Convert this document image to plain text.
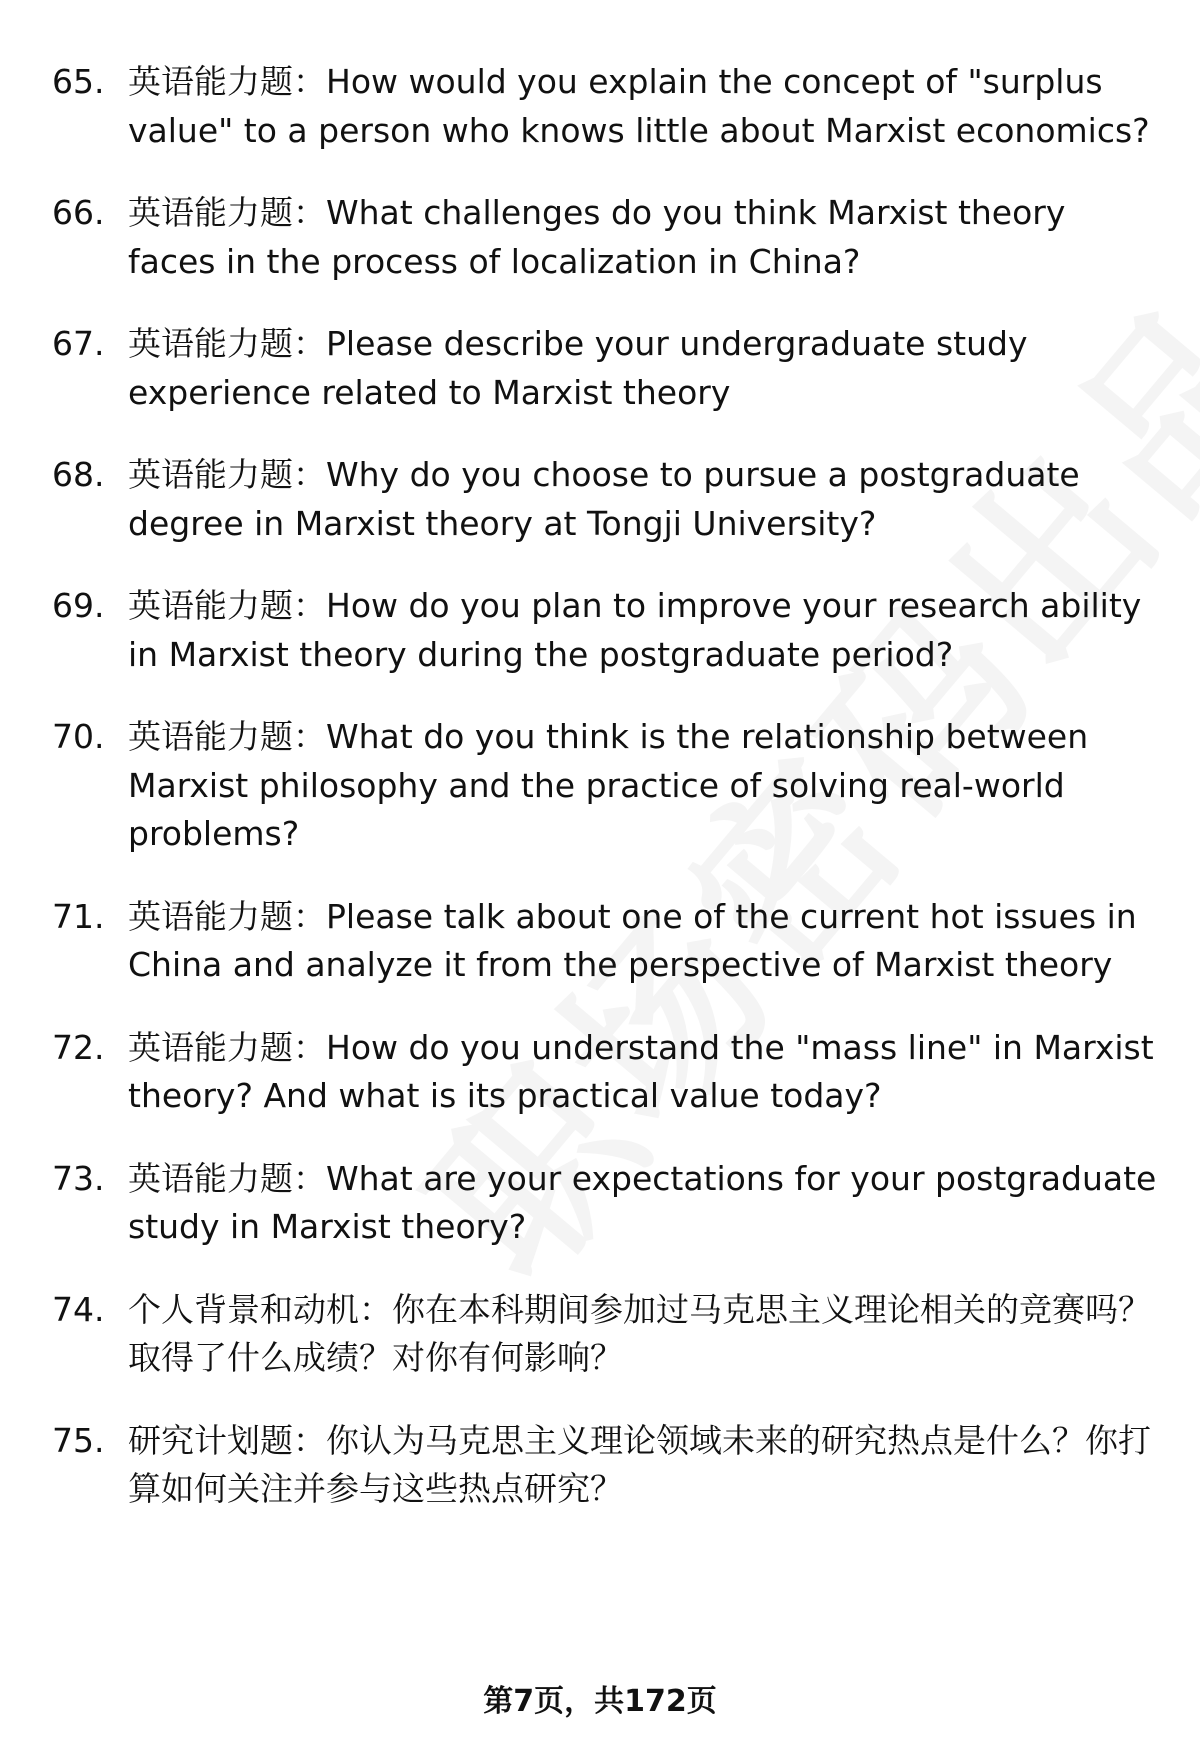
65. 英语能力题：How would you explain the concept of "surplus value" to a person who knows little about Marxist economics?
66. 英语能力题：What challenges do you think Marxist theory faces in the process of localization in China?
67. 英语能力题：Please describe your undergraduate study experience related to Marxist theory
68. 英语能力题：Why do you choose to pursue a postgraduate degree in Marxist theory at Tongji University?
69. 英语能力题：How do you plan to improve your research ability in Marxist theory during the postgraduate period?
70. 英语能力题：What do you think is the relationship between Marxist philosophy and the practice of solving real-world problems?
71. 英语能力题：Please talk about one of the current hot issues in China and analyze it from the perspective of Marxist theory
72. 英语能力题：How do you understand the "mass line" in Marxist theory? And what is its practical value today?
73. 英语能力题：What are your expectations for your postgraduate study in Marxist theory?
74. 个人背景和动机：你在本科期间参加过马克思主义理论相关的竞赛吗？取得了什么成绩？对你有何影响？
75. 研究计划题：你认为马克思主义理论领域未来的研究热点是什么？你打算如何关注并参与这些热点研究？
第7页，共172页
